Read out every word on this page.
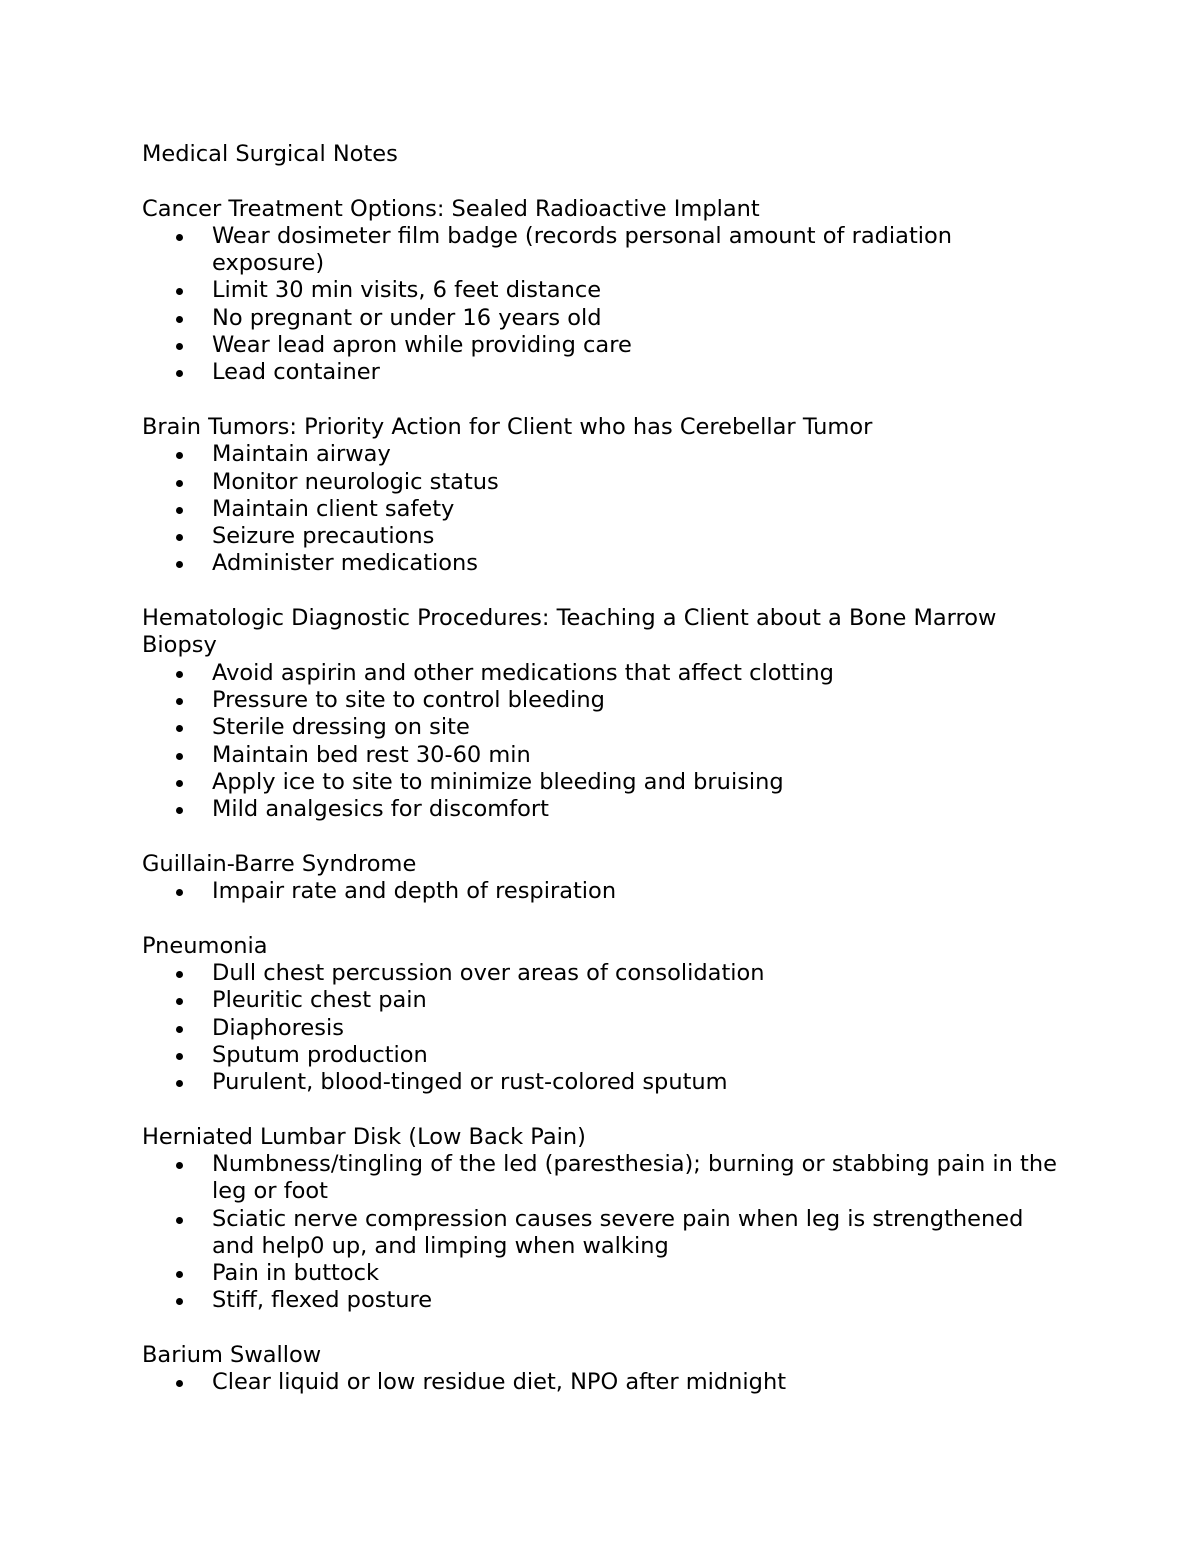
Medical Surgical Notes
Cancer Treatment Options: Sealed Radioactive Implant
Wear dosimeter film badge (records personal amount of radiation exposure)
Limit 30 min visits, 6 feet distance
No pregnant or under 16 years old
Wear lead apron while providing care
Lead container
Brain Tumors: Priority Action for Client who has Cerebellar Tumor
Maintain airway
Monitor neurologic status
Maintain client safety
Seizure precautions
Administer medications
Hematologic Diagnostic Procedures: Teaching a Client about a Bone Marrow Biopsy
Avoid aspirin and other medications that affect clotting
Pressure to site to control bleeding
Sterile dressing on site
Maintain bed rest 30-60 min
Apply ice to site to minimize bleeding and bruising
Mild analgesics for discomfort
Guillain-Barre Syndrome
Impair rate and depth of respiration
Pneumonia
Dull chest percussion over areas of consolidation
Pleuritic chest pain
Diaphoresis
Sputum production
Purulent, blood-tinged or rust-colored sputum
Herniated Lumbar Disk (Low Back Pain)
Numbness/tingling of the led (paresthesia); burning or stabbing pain in the leg or foot
Sciatic nerve compression causes severe pain when leg is strengthened and help0 up, and limping when walking
Pain in buttock
Stiff, flexed posture
Barium Swallow
Clear liquid or low residue diet, NPO after midnight
